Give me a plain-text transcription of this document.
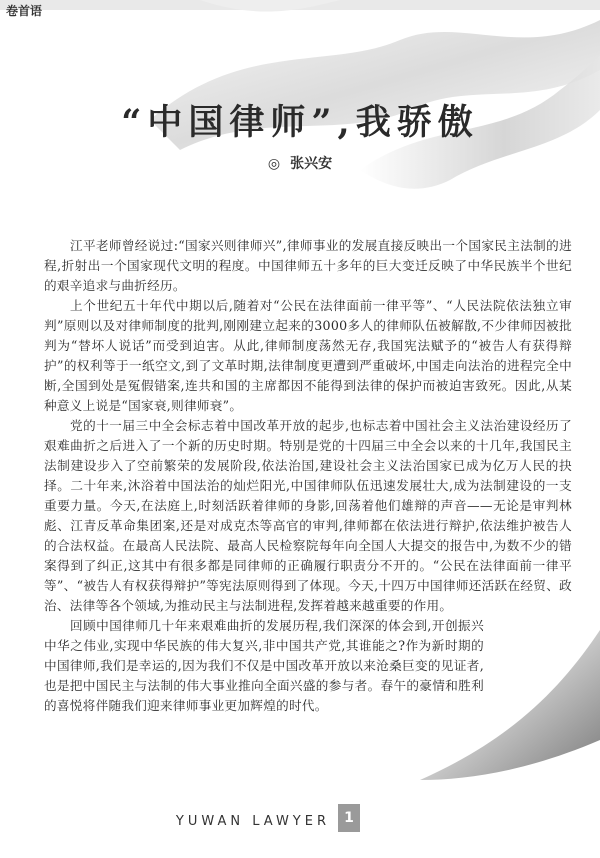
卷首语
“中国律师”,我骄傲
◎ 张兴安

江平老师曾经说过:“国家兴则律师兴”,律师事业的发展直接反映出一个国家民主法制的进程,折射出一个国家现代文明的程度。中国律师五十多年的巨大变迁反映了中华民族半个世纪的艰辛追求与曲折经历。

上个世纪五十年代中期以后,随着对“公民在法律面前一律平等”、“人民法院依法独立审判”原则以及对律师制度的批判,刚刚建立起来的3000多人的律师队伍被解散,不少律师因被批判为“替坏人说话”而受到迫害。从此,律师制度荡然无存,我国宪法赋予的“被告人有获得辩护”的权利等于一纸空文,到了文革时期,法律制度更遭到严重破坏,中国走向法治的进程完全中断,全国到处是冤假错案,连共和国的主席都因不能得到法律的保护而被迫害致死。因此,从某种意义上说是“国家衰,则律师衰”。

党的十一届三中全会标志着中国改革开放的起步,也标志着中国社会主义法治建设经历了艰难曲折之后进入了一个新的历史时期。特别是党的十四届三中全会以来的十几年,我国民主法制建设步入了空前繁荣的发展阶段,依法治国,建设社会主义法治国家已成为亿万人民的抉择。二十年来,沐浴着中国法治的灿烂阳光,中国律师队伍迅速发展壮大,成为法制建设的一支重要力量。今天,在法庭上,时刻活跃着律师的身影,回荡着他们雄辩的声音——无论是审判林彪、江青反革命集团案,还是对成克杰等高官的审判,律师都在依法进行辩护,依法维护被告人的合法权益。在最高人民法院、最高人民检察院每年向全国人大提交的报告中,为数不少的错案得到了纠正,这其中有很多都是同律师的正确履行职责分不开的。“公民在法律面前一律平等”、“被告人有权获得辩护”等宪法原则得到了体现。今天,十四万中国律师还活跃在经贸、政治、法律等各个领域,为推动民主与法制进程,发挥着越来越重要的作用。

回顾中国律师几十年来艰难曲折的发展历程,我们深深的体会到,开创振兴中华之伟业,实现中华民族的伟大复兴,非中国共产党,其谁能之?作为新时期的中国律师,我们是幸运的,因为我们不仅是中国改革开放以来沧桑巨变的见证者,也是把中国民主与法制的伟大事业推向全面兴盛的参与者。春午的豪情和胜利的喜悦将伴随我们迎来律师事业更加辉煌的时代。

1
YUWAN LAWYER
